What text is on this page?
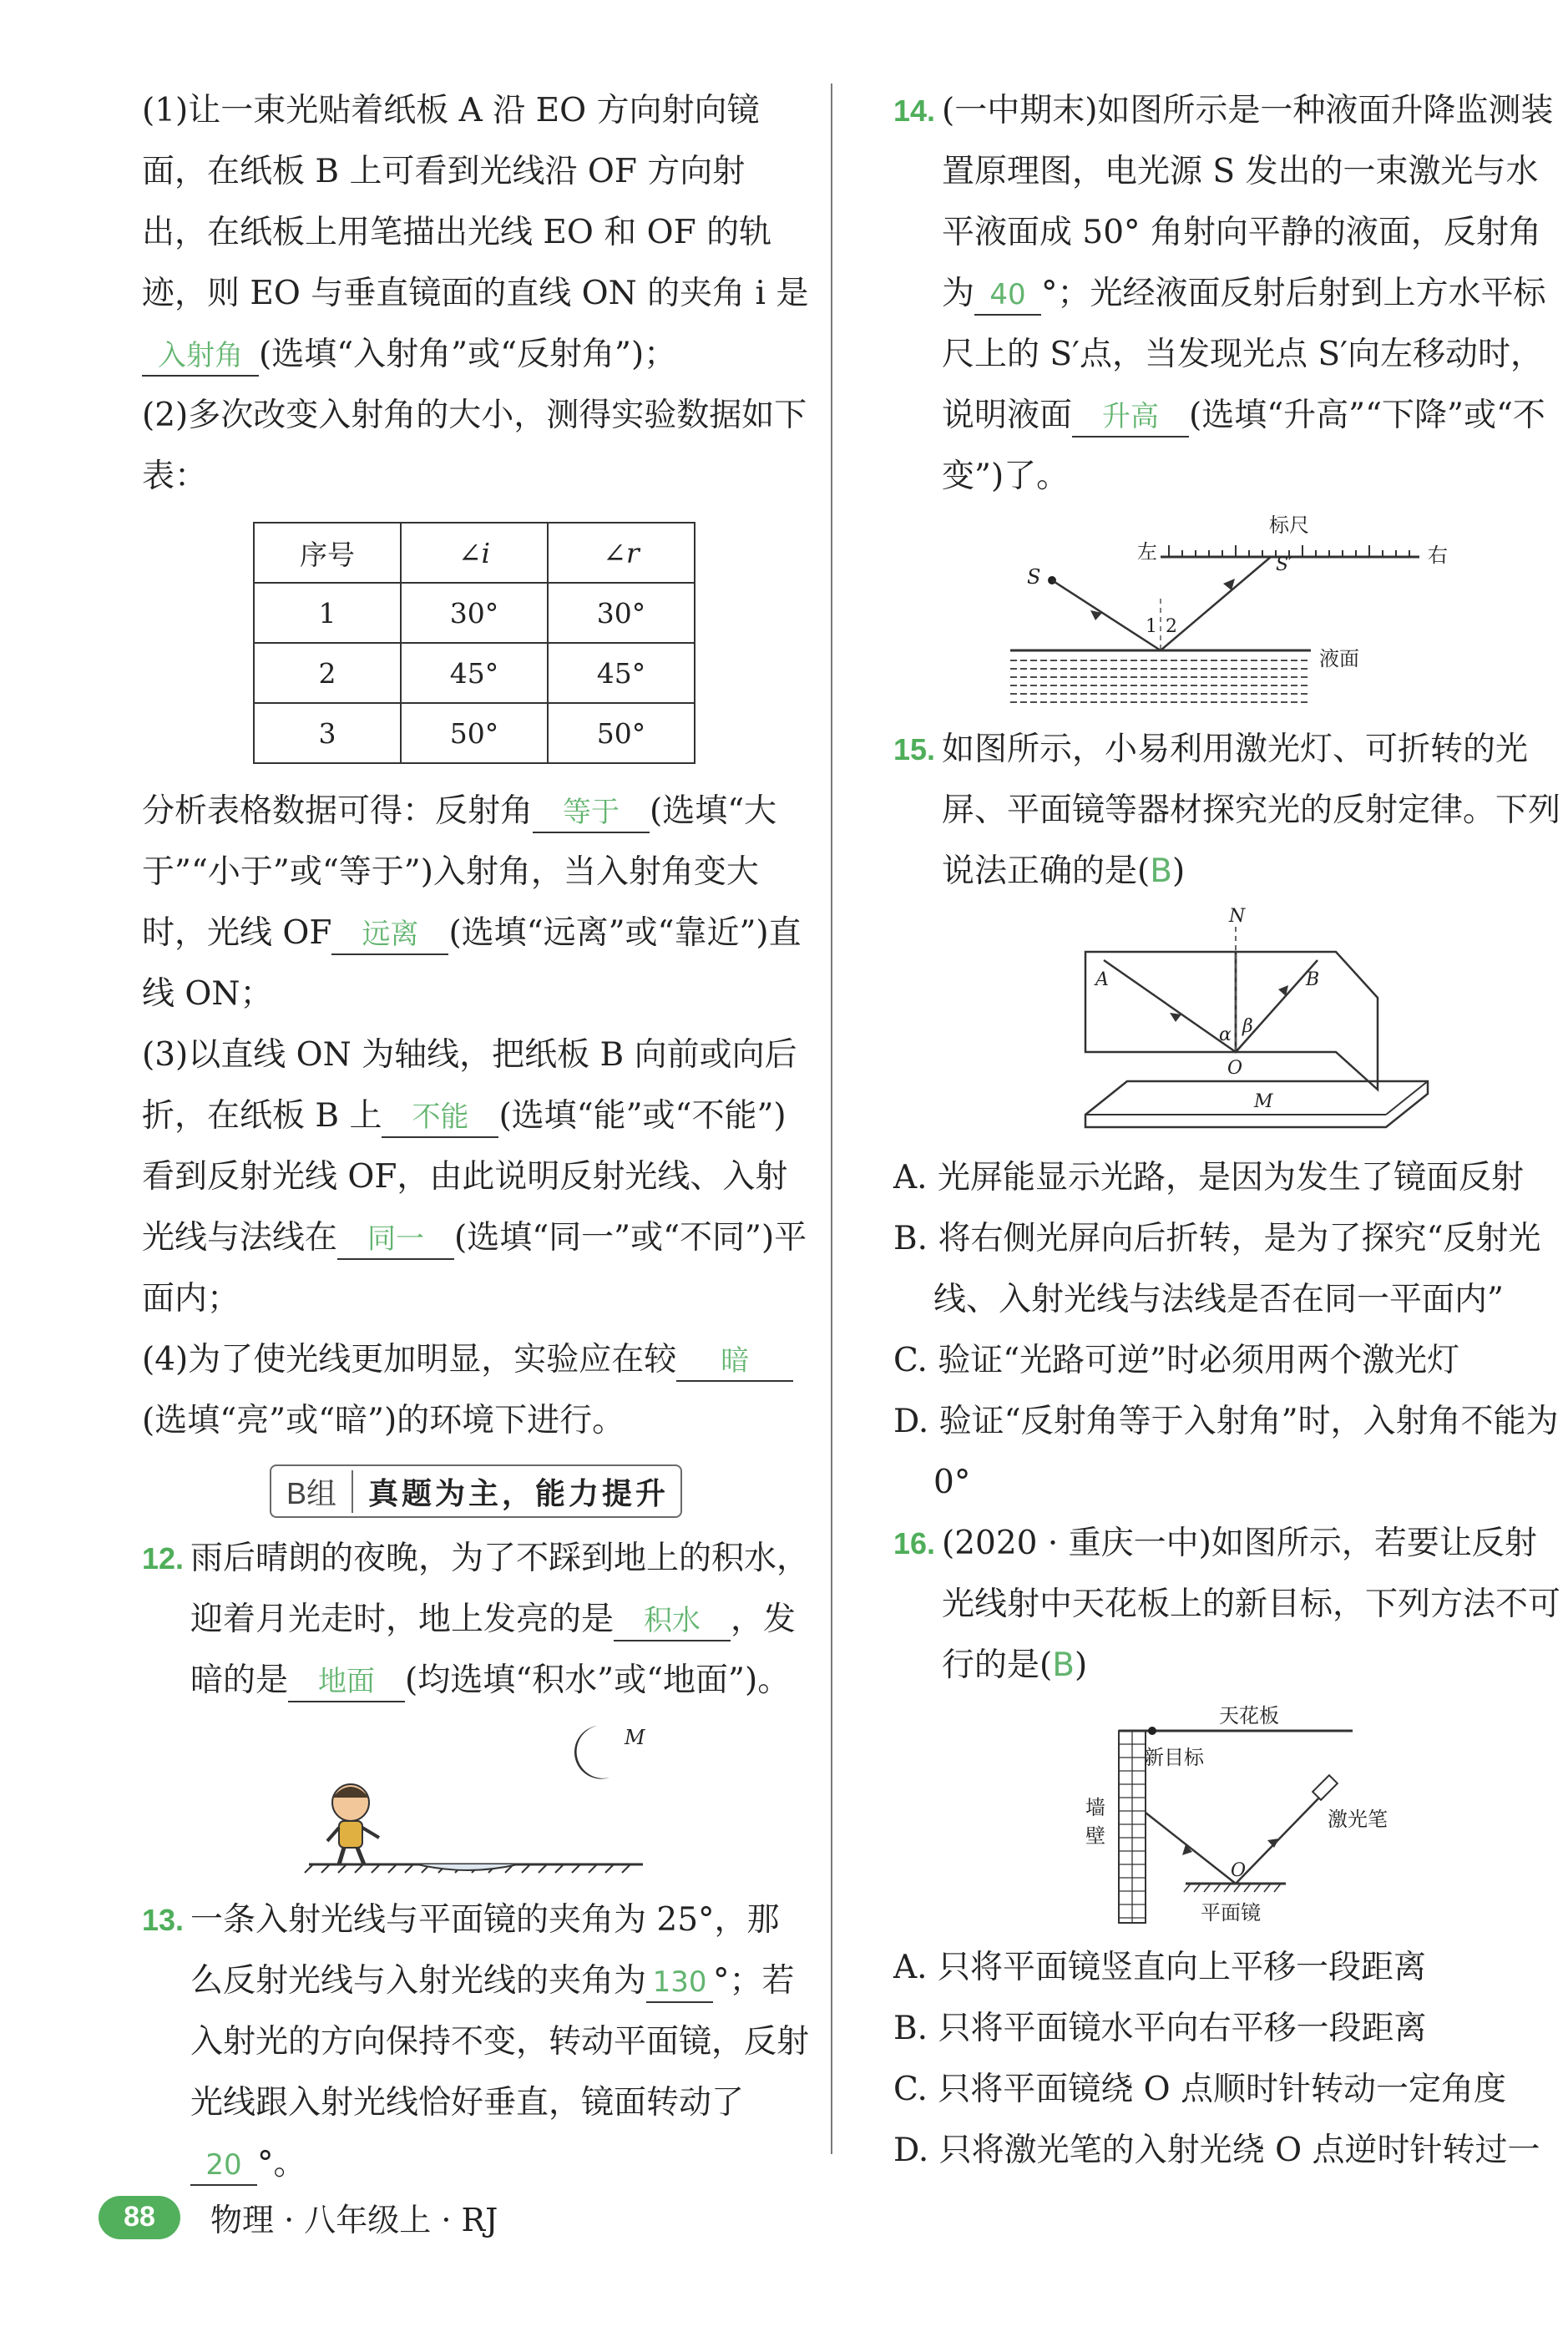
(1)让一束光贴着纸板 A 沿 EO 方向射向镜面，在纸板 B 上可看到光线沿 OF 方向射出，在纸板上用笔描出光线 EO 和 OF 的轨迹，则 EO 与垂直镜面的直线 ON 的夹角 i 是入射角 (选填“入射角”或“反射角”)；

(2)多次改变入射角的大小，测得实验数据如下表：

序号	∠i	∠r
1	30°	30°
2	45°	45°
3	50°	50°

分析表格数据可得：反射角 等于 (选填“大于”“小于”或“等于”)入射角，当入射角变大时，光线 OF 远离 (选填“远离”或“靠近”)直线 ON；

(3)以直线 ON 为轴线，把纸板 B 向前或向后折，在纸板 B 上 不能 (选填“能”或“不能”)看到反射光线 OF，由此说明反射光线、入射光线与法线在 同一 (选填“同一”或“不同”)平面内；

(4)为了使光线更加明显，实验应在较 暗(选填“亮”或“暗”)的环境下进行。

B组	真题为主，能力提升

12. 雨后晴朗的夜晚，为了不踩到地上的积水，迎着月光走时，地上发亮的是 积水 ，发暗的是 地面 (均选填“积水”或“地面”)。

M

13. 一条入射光线与平面镜的夹角为 25°，那么反射光线与入射光线的夹角为 130 °；若入射光的方向保持不变，转动平面镜，反射光线跟入射光线恰好垂直，镜面转动了20 °。

14. (一中期末)如图所示是一种液面升降监测装置原理图，电光源 S 发出的一束激光与水平液面成 50° 角射向平静的液面，反射角为 40 °；光经液面反射后射到上方水平标尺上的 S′点，当发现光点 S′向左移动时，说明液面 升高 (选填“升高”“下降”或“不变”)了。

标尺
左	右
S
1 2
S′
液面

15. 如图所示，小易利用激光灯、可折转的光屏、平面镜等器材探究光的反射定律。下列说法正确的是(B)

N
A	B
α β
O
M

A. 光屏能显示光路，是因为发生了镜面反射

B. 将右侧光屏向后折转，是为了探究“反射光线、入射光线与法线是否在同一平面内”

C. 验证“光路可逆”时必须用两个激光灯

D. 验证“反射角等于入射角”时，入射角不能为 0°

16. (2020 · 重庆一中)如图所示，若要让反射光线射中天花板上的新目标，下列方法不可行的是(B)

天花板
墙
壁
新目标
激光笔
O
平面镜

A. 只将平面镜竖直向上平移一段距离

B. 只将平面镜水平向右平移一段距离

C. 只将平面镜绕 O 点顺时针转动一定角度

D. 只将激光笔的入射光绕 O 点逆时针转过一

88	物理 · 八年级上 · RJ
